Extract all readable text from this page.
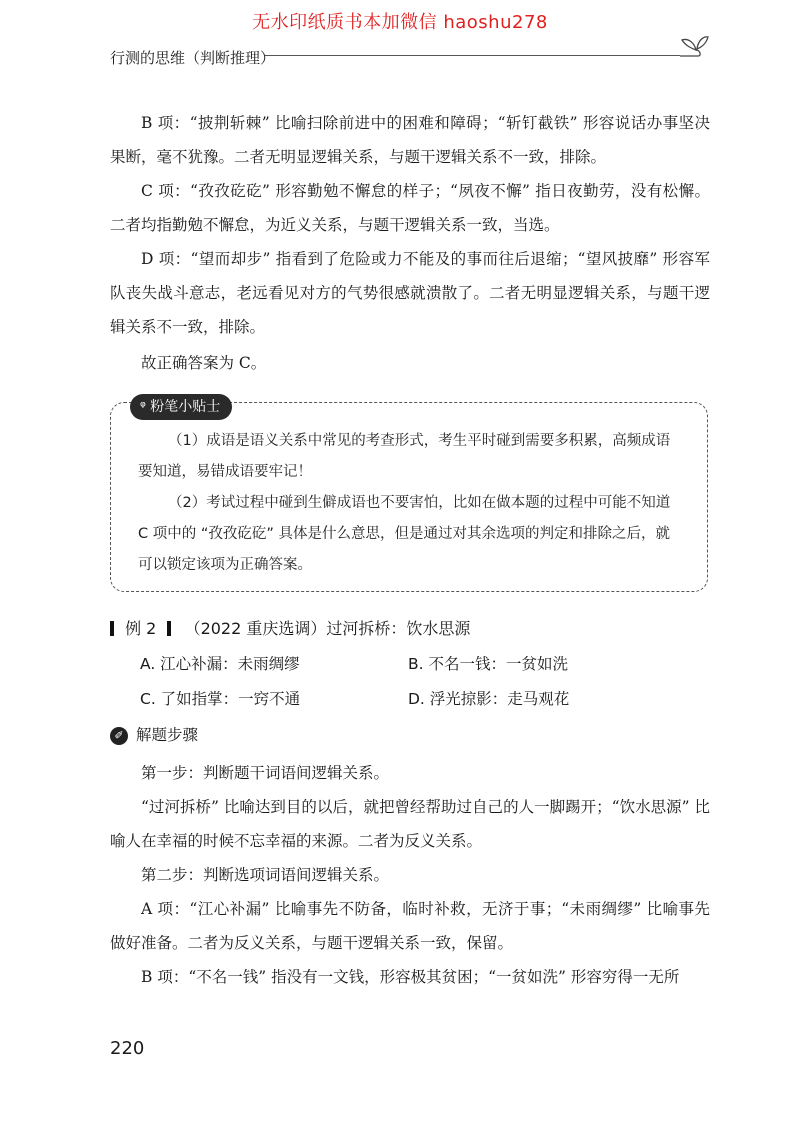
无水印纸质书本加微信 haoshu278
行测的思维（判断推理）
B 项：“披荆斩棘” 比喻扫除前进中的困难和障碍；“斩钉截铁” 形容说话办事坚决果断，毫不犹豫。二者无明显逻辑关系，与题干逻辑关系不一致，排除。
C 项：“孜孜矻矻” 形容勤勉不懈怠的样子；“夙夜不懈” 指日夜勤劳，没有松懈。二者均指勤勉不懈怠，为近义关系，与题干逻辑关系一致，当选。
D 项：“望而却步” 指看到了危险或力不能及的事而往后退缩；“望风披靡” 形容军队丧失战斗意志，老远看见对方的气势很感就溃散了。二者无明显逻辑关系，与题干逻辑关系不一致，排除。
故正确答案为 C。
ᵠ 粉笔小贴士
（1）成语是语义关系中常见的考查形式，考生平时碰到需要多积累，高频成语要知道，易错成语要牢记！
（2）考试过程中碰到生僻成语也不要害怕，比如在做本题的过程中可能不知道 C 项中的 “孜孜矻矻” 具体是什么意思，但是通过对其余选项的判定和排除之后，就可以锁定该项为正确答案。
例 2 （2022 重庆选调）过河拆桥：饮水思源
A. 江心补漏：未雨绸缪	B. 不名一钱：一贫如洗
C. 了如指掌：一窍不通	D. 浮光掠影：走马观花
✐ 解题步骤
第一步：判断题干词语间逻辑关系。
“过河拆桥” 比喻达到目的以后，就把曾经帮助过自己的人一脚踢开；“饮水思源” 比喻人在幸福的时候不忘幸福的来源。二者为反义关系。
第二步：判断选项词语间逻辑关系。
A 项：“江心补漏” 比喻事先不防备，临时补救，无济于事；“未雨绸缪” 比喻事先做好准备。二者为反义关系，与题干逻辑关系一致，保留。
B 项：“不名一钱” 指没有一文钱，形容极其贫困；“一贫如洗” 形容穷得一无所
220
